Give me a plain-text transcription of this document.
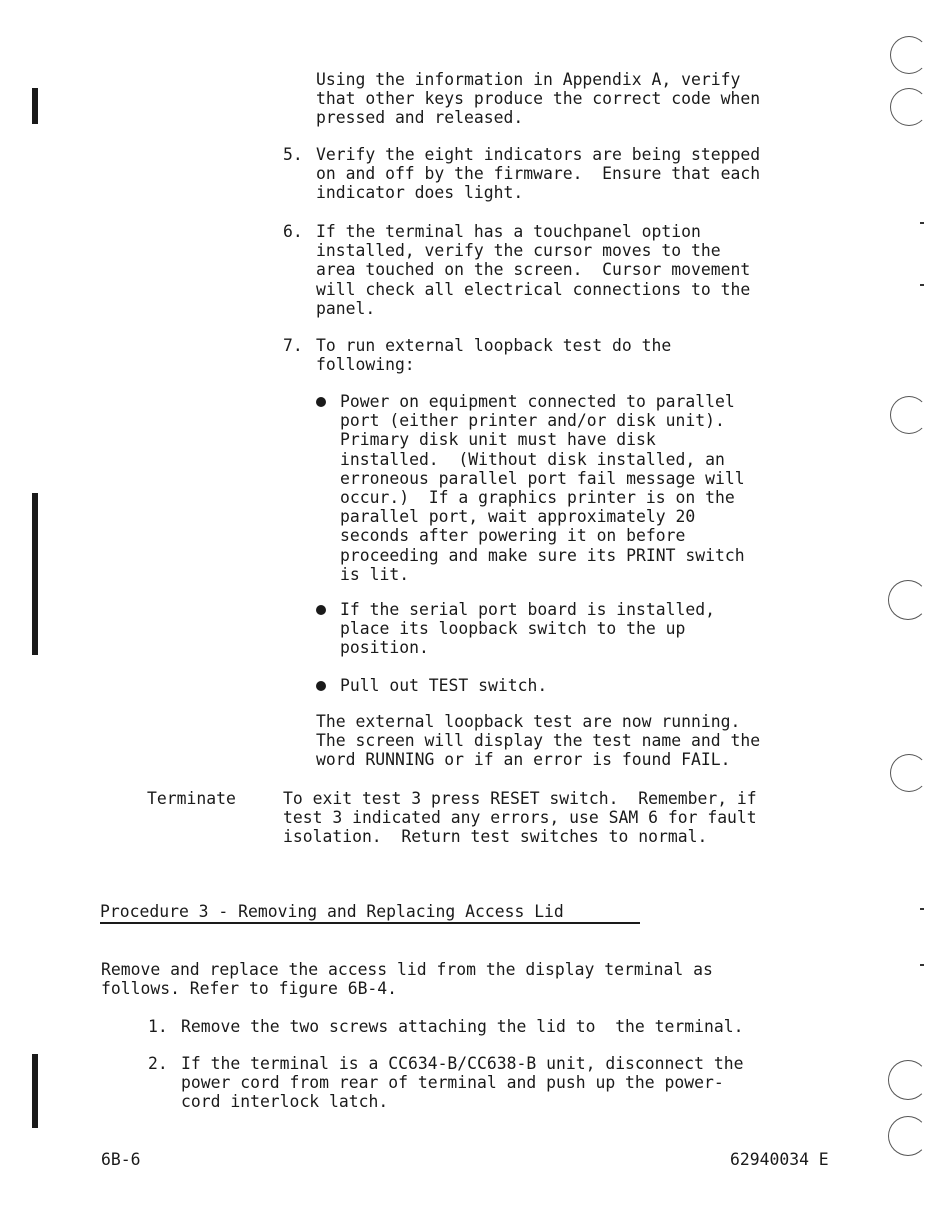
Using the information in Appendix A, verify
that other keys produce the correct code when
pressed and released.
5. Verify the eight indicators are being stepped
on and off by the firmware.  Ensure that each
indicator does light.
6. If the terminal has a touchpanel option
installed, verify the cursor moves to the
area touched on the screen.  Cursor movement
will check all electrical connections to the
panel.
7. To run external loopback test do the
following:
Power on equipment connected to parallel
port (either printer and/or disk unit).
Primary disk unit must have disk
installed.  (Without disk installed, an
erroneous parallel port fail message will
occur.)  If a graphics printer is on the
parallel port, wait approximately 20
seconds after powering it on before
proceeding and make sure its PRINT switch
is lit.
If the serial port board is installed,
place its loopback switch to the up
position.
Pull out TEST switch.
The external loopback test are now running.
The screen will display the test name and the
word RUNNING or if an error is found FAIL.
Terminate	To exit test 3 press RESET switch.  Remember, if
test 3 indicated any errors, use SAM 6 for fault
isolation.  Return test switches to normal.
Procedure 3 - Removing and Replacing Access Lid
Remove and replace the access lid from the display terminal as
follows. Refer to figure 6B-4.
1. Remove the two screws attaching the lid to  the terminal.
2. If the terminal is a CC634-B/CC638-B unit, disconnect the
power cord from rear of terminal and push up the power-
cord interlock latch.
6B-6	62940034 E
